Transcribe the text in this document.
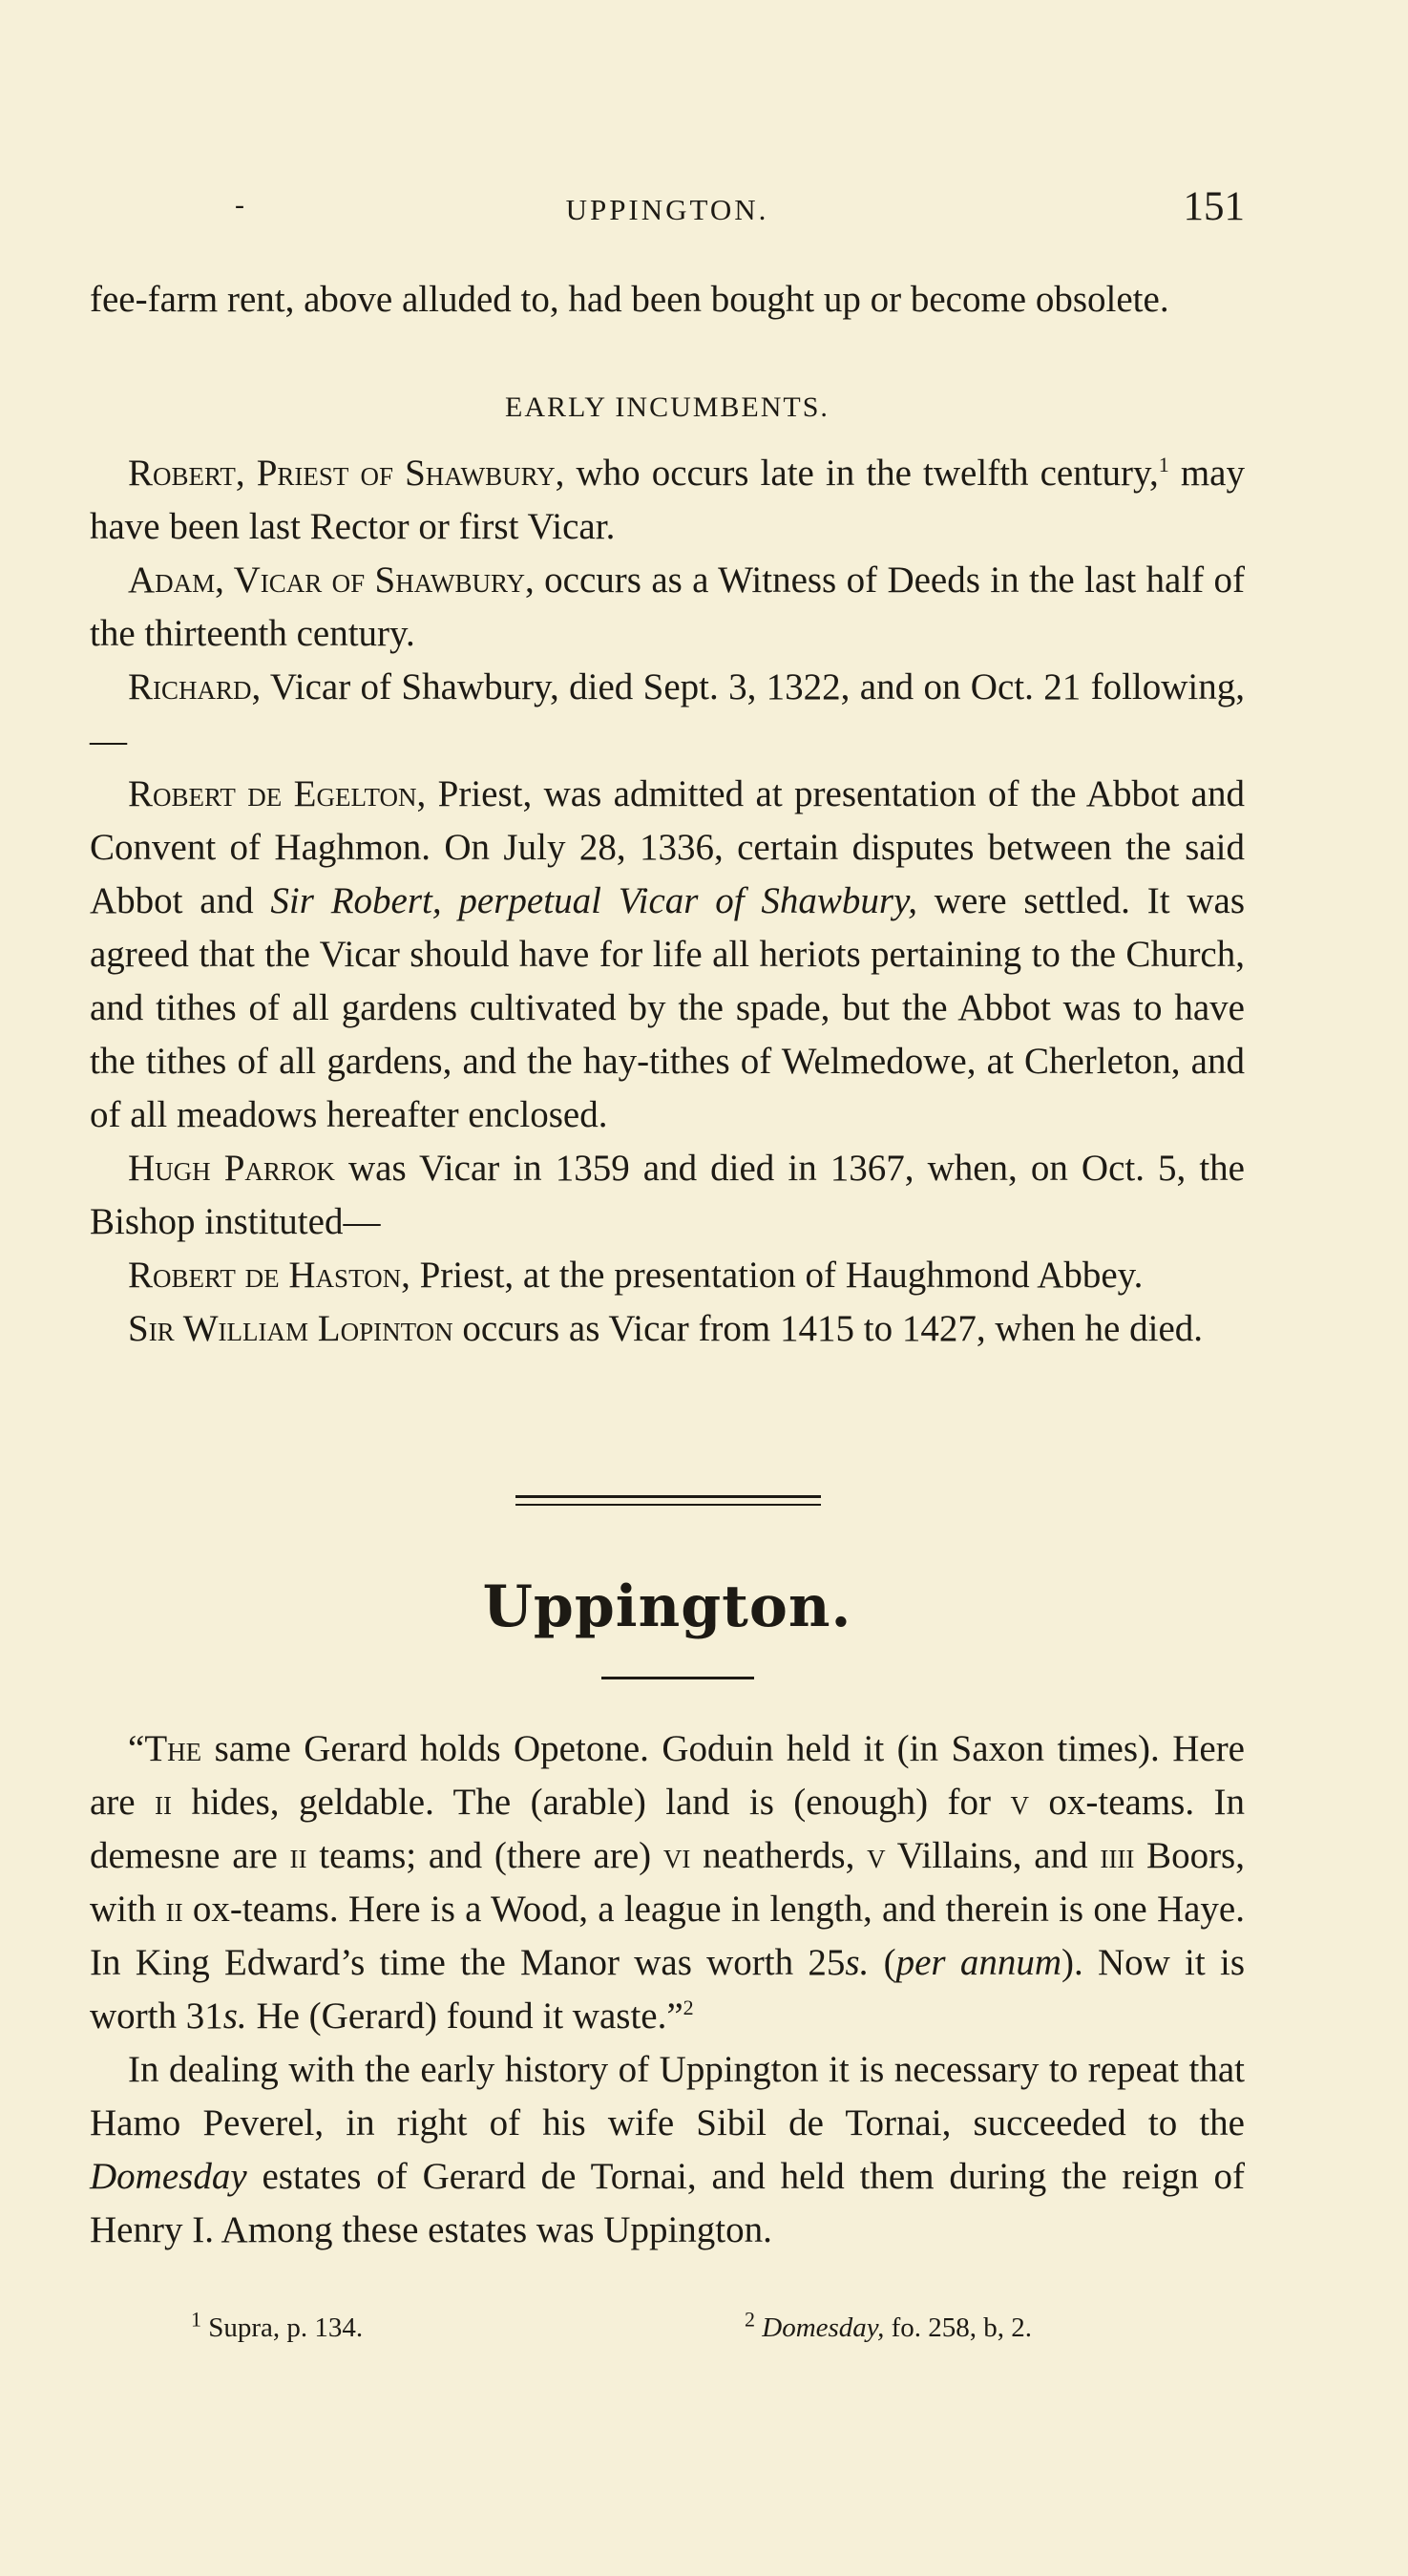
-	UPPINGTON.	151

fee-farm rent, above alluded to, had been bought up or become obsolete.

EARLY INCUMBENTS.

Robert, Priest of Shawbury, who occurs late in the twelfth century,$^1$ may have been last Rector or first Vicar.

Adam, Vicar of Shawbury, occurs as a Witness of Deeds in the last half of the thirteenth century.

Richard, Vicar of Shawbury, died Sept. 3, 1322, and on Oct. 21 following,—

Robert de Egelton, Priest, was admitted at presentation of the Abbot and Convent of Haghmon. On July 28, 1336, certain disputes between the said Abbot and Sir Robert, perpetual Vicar of Shawbury, were settled. It was agreed that the Vicar should have for life all heriots pertaining to the Church, and tithes of all gardens cultivated by the spade, but the Abbot was to have the tithes of all gardens, and the hay-tithes of Welmedowe, at Cherleton, and of all meadows hereafter enclosed.

Hugh Parrok was Vicar in 1359 and died in 1367, when, on Oct. 5, the Bishop instituted—

Robert de Haston, Priest, at the presentation of Haughmond Abbey.

Sir William Lopinton occurs as Vicar from 1415 to 1427, when he died.

Uppington.

“The same Gerard holds Opetone. Goduin held it (in Saxon times). Here are ii hides, geldable. The (arable) land is (enough) for v ox-teams. In demesne are ii teams; and (there are) vi neatherds, v Villains, and iiii Boors, with ii ox-teams. Here is a Wood, a league in length, and therein is one Haye. In King Edward’s time the Manor was worth 25s. (per annum). Now it is worth 31s. He (Gerard) found it waste.”$^2$

In dealing with the early history of Uppington it is necessary to repeat that Hamo Peverel, in right of his wife Sibil de Tornai, succeeded to the Domesday estates of Gerard de Tornai, and held them during the reign of Henry I. Among these estates was Uppington.

$^1$ Supra, p. 134.	$^2$ Domesday, fo. 258, b, 2.
